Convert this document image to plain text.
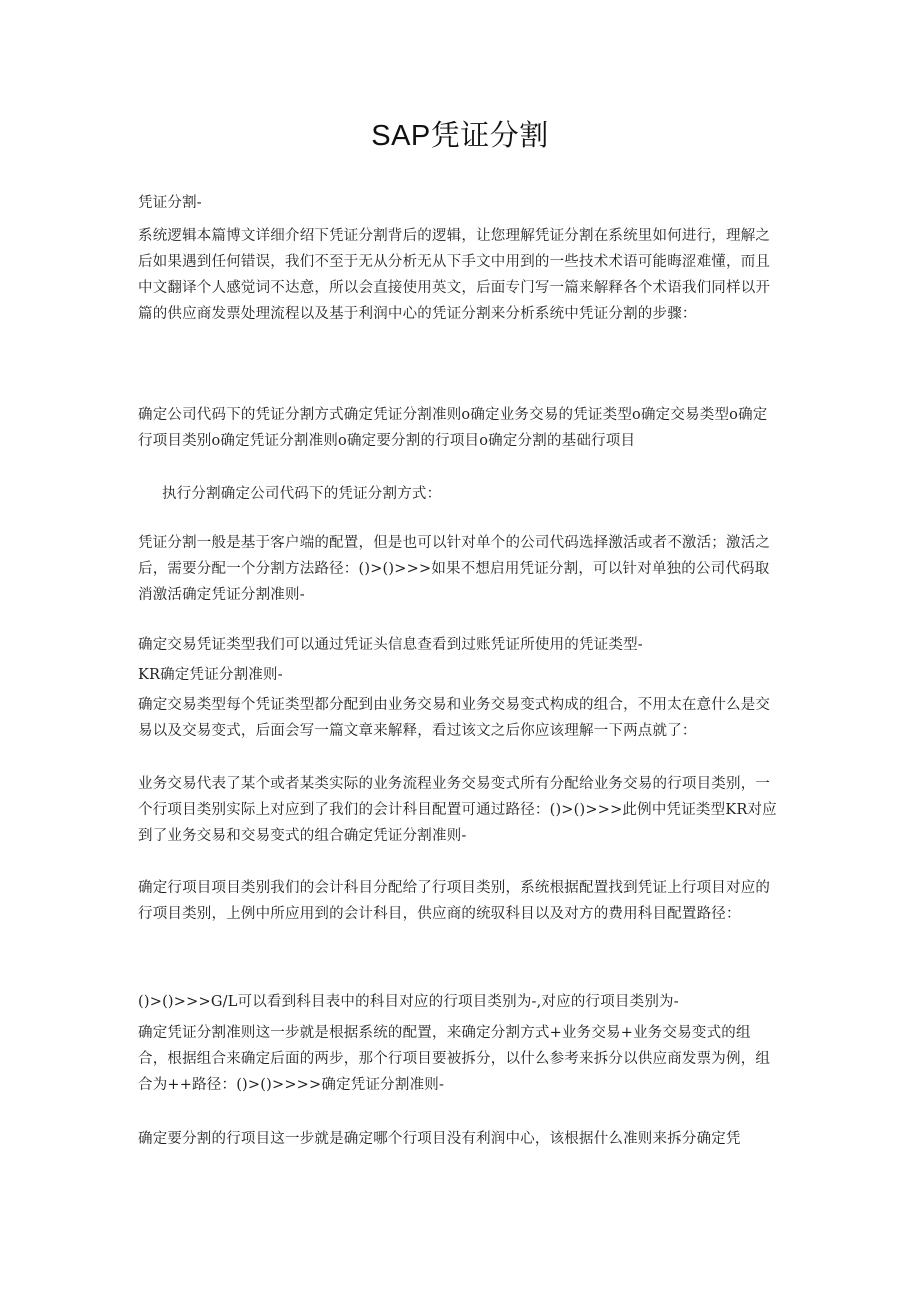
SAP凭证分割
凭证分割-
系统逻辑本篇博文详细介绍下凭证分割背后的逻辑，让您理解凭证分割在系统里如何进行，理解之后如果遇到任何错误，我们不至于无从分析无从下手文中用到的一些技术术语可能晦涩难懂，而且中文翻译个人感觉词不达意，所以会直接使用英文，后面专门写一篇来解释各个术语我们同样以开篇的供应商发票处理流程以及基于利润中心的凭证分割来分析系统中凭证分割的步骤：
确定公司代码下的凭证分割方式确定凭证分割准则o确定业务交易的凭证类型o确定交易类型o确定行项目类别o确定凭证分割准则o确定要分割的行项目o确定分割的基础行项目
执行分割确定公司代码下的凭证分割方式：
凭证分割一般是基于客户端的配置，但是也可以针对单个的公司代码选择激活或者不激活；激活之后，需要分配一个分割方法路径：()>()>>>如果不想启用凭证分割，可以针对单独的公司代码取消激活确定凭证分割准则-
确定交易凭证类型我们可以通过凭证头信息查看到过账凭证所使用的凭证类型-
KR确定凭证分割准则-
确定交易类型每个凭证类型都分配到由业务交易和业务交易变式构成的组合，不用太在意什么是交易以及交易变式，后面会写一篇文章来解释，看过该文之后你应该理解一下两点就了：
业务交易代表了某个或者某类实际的业务流程业务交易变式所有分配给业务交易的行项目类别，一个行项目类别实际上对应到了我们的会计科目配置可通过路径：()>()>>>此例中凭证类型KR对应到了业务交易和交易变式的组合确定凭证分割准则-
确定行项目项目类别我们的会计科目分配给了行项目类别，系统根据配置找到凭证上行项目对应的行项目类别，上例中所应用到的会计科目，供应商的统驭科目以及对方的费用科目配置路径：
()>()>>>G/L可以看到科目表中的科目对应的行项目类别为-,对应的行项目类别为-
确定凭证分割准则这一步就是根据系统的配置，来确定分割方式+业务交易+业务交易变式的组合，根据组合来确定后面的两步，那个行项目要被拆分，以什么参考来拆分以供应商发票为例，组合为++路径：()>()>>>>确定凭证分割准则-
确定要分割的行项目这一步就是确定哪个行项目没有利润中心，该根据什么准则来拆分确定凭
